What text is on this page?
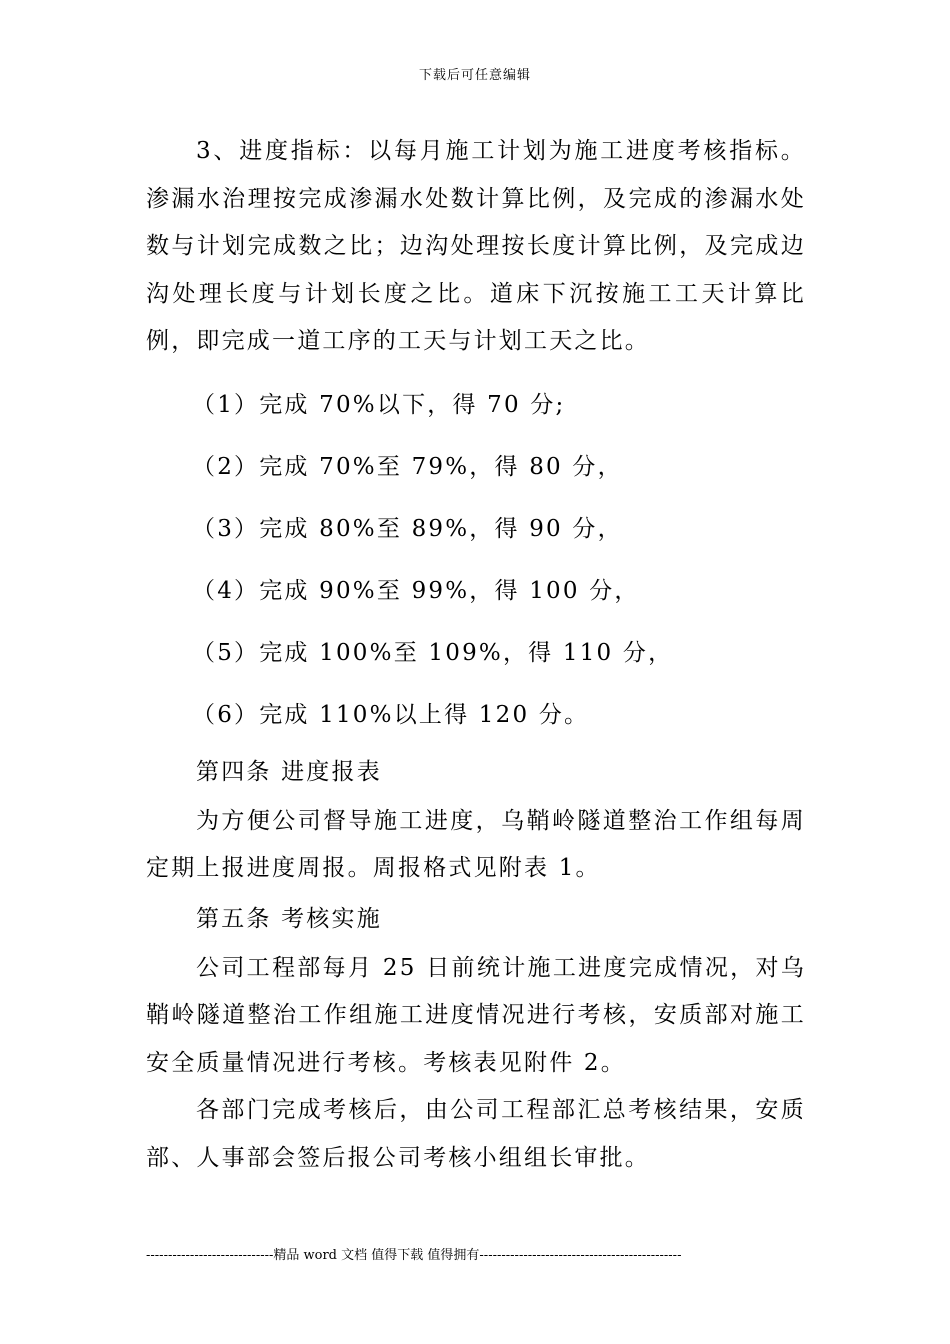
下载后可任意编辑

3、进度指标：以每月施工计划为施工进度考核指标。渗漏水治理按完成渗漏水处数计算比例，及完成的渗漏水处数与计划完成数之比；边沟处理按长度计算比例，及完成边沟处理长度与计划长度之比。道床下沉按施工工天计算比例，即完成一道工序的工天与计划工天之比。

（1）完成 70%以下，得 70 分;

（2）完成 70%至 79%，得 80 分，

（3）完成 80%至 89%，得 90 分，

（4）完成 90%至 99%，得 100 分，

（5）完成 100%至 109%，得 110 分，

（6）完成 110%以上得 120 分。

第四条 进度报表

为方便公司督导施工进度，乌鞘岭隧道整治工作组每周定期上报进度周报。周报格式见附表 1。

第五条 考核实施

公司工程部每月 25 日前统计施工进度完成情况，对乌鞘岭隧道整治工作组施工进度情况进行考核，安质部对施工安全质量情况进行考核。考核表见附件 2。

各部门完成考核后，由公司工程部汇总考核结果，安质部、人事部会签后报公司考核小组组长审批。

-----------------------------精品 word 文档 值得下载 值得拥有----------------------------------------------
